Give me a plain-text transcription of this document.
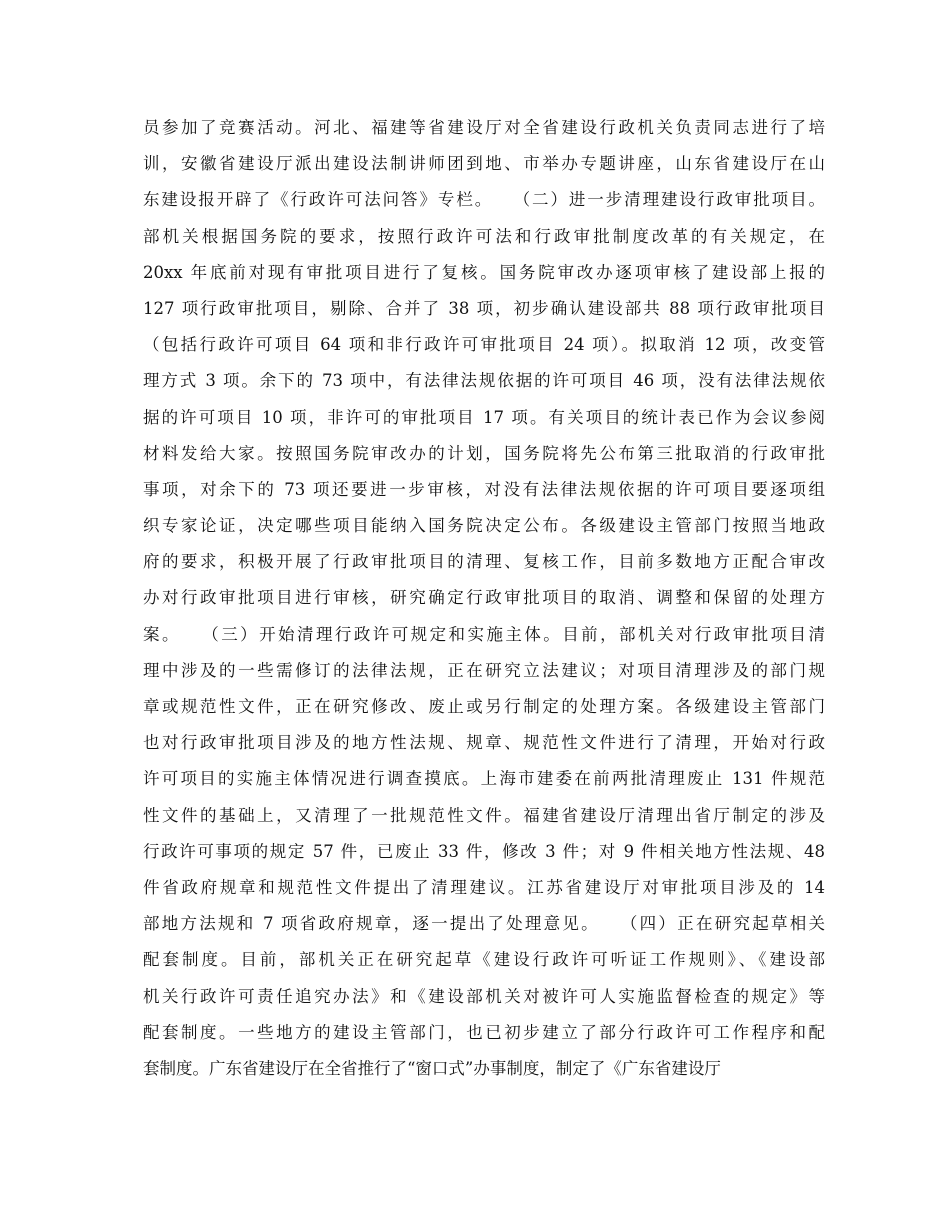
员参加了竞赛活动。河北、福建等省建设厅对全省建设行政机关负责同志进行了培
训，安徽省建设厅派出建设法制讲师团到地、市举办专题讲座，山东省建设厅在山
东建设报开辟了《行政许可法问答》专栏。　　（二）进一步清理建设行政审批项目。
部机关根据国务院的要求，按照行政许可法和行政审批制度改革的有关规定，在
20xx 年底前对现有审批项目进行了复核。国务院审改办逐项审核了建设部上报的
127 项行政审批项目，剔除、合并了 38 项，初步确认建设部共 88 项行政审批项目
（包括行政许可项目 64 项和非行政许可审批项目 24 项）。拟取消 12 项，改变管
理方式 3 项。余下的 73 项中，有法律法规依据的许可项目 46 项，没有法律法规依
据的许可项目 10 项，非许可的审批项目 17 项。有关项目的统计表已作为会议参阅
材料发给大家。按照国务院审改办的计划，国务院将先公布第三批取消的行政审批
事项，对余下的 73 项还要进一步审核，对没有法律法规依据的许可项目要逐项组
织专家论证，决定哪些项目能纳入国务院决定公布。各级建设主管部门按照当地政
府的要求，积极开展了行政审批项目的清理、复核工作，目前多数地方正配合审改
办对行政审批项目进行审核，研究确定行政审批项目的取消、调整和保留的处理方
案。　　（三）开始清理行政许可规定和实施主体。目前，部机关对行政审批项目清
理中涉及的一些需修订的法律法规，正在研究立法建议；对项目清理涉及的部门规
章或规范性文件，正在研究修改、废止或另行制定的处理方案。各级建设主管部门
也对行政审批项目涉及的地方性法规、规章、规范性文件进行了清理，开始对行政
许可项目的实施主体情况进行调查摸底。上海市建委在前两批清理废止 131 件规范
性文件的基础上，又清理了一批规范性文件。福建省建设厅清理出省厅制定的涉及
行政许可事项的规定 57 件，已废止 33 件，修改 3 件；对 9 件相关地方性法规、48
件省政府规章和规范性文件提出了清理建议。江苏省建设厅对审批项目涉及的 14
部地方法规和 7 项省政府规章，逐一提出了处理意见。　　（四）正在研究起草相关
配套制度。目前，部机关正在研究起草《建设行政许可听证工作规则》、《建设部
机关行政许可责任追究办法》和《建设部机关对被许可人实施监督检查的规定》等
配套制度。一些地方的建设主管部门，也已初步建立了部分行政许可工作程序和配
套制度。广东省建设厅在全省推行了“窗口式”办事制度，制定了《广东省建设厅
